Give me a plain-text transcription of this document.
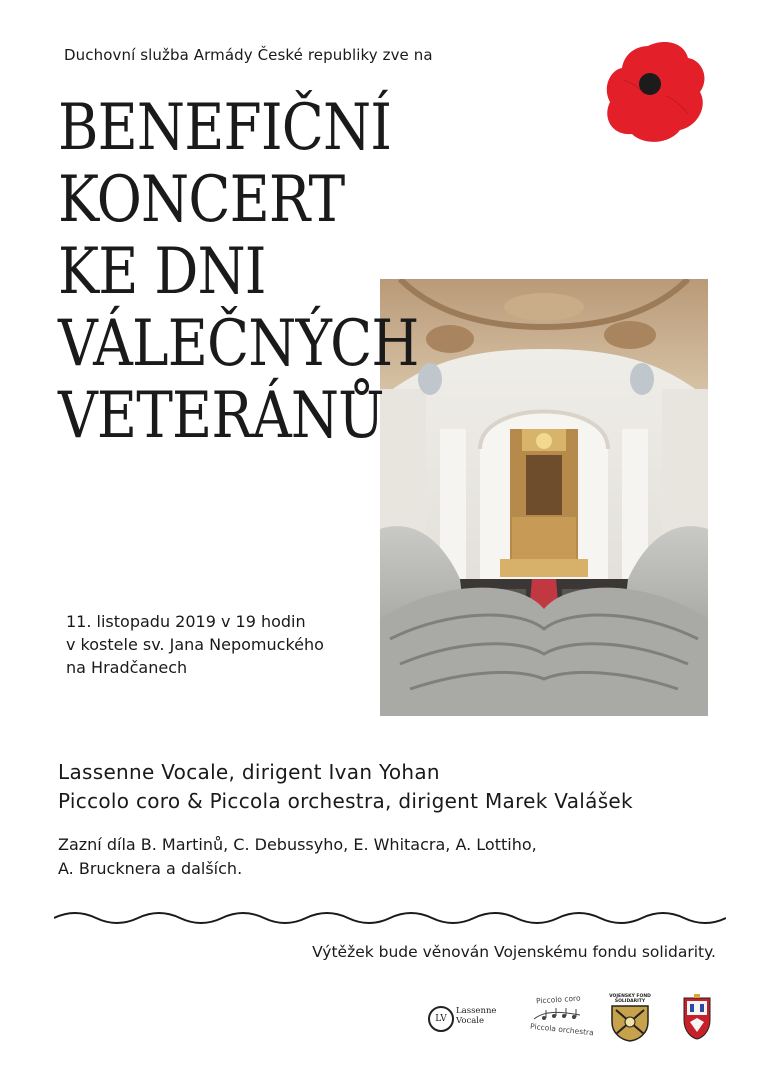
Duchovní služba Armády České republiky zve na
BENEFIČNÍ
KONCERT
KE DNI
VÁLEČNÝCH
VETERÁNŮ
11. listopadu 2019 v 19 hodin
v kostele sv. Jana Nepomuckého
na Hradčanech
Lassenne Vocale, dirigent Ivan Yohan
Piccolo coro & Piccola orchestra, dirigent Marek Valášek
Zazní díla B. Martinů, C. Debussyho, E. Whitacra, A. Lottiho,
A. Brucknera a dalších.
Výtěžek bude věnován Vojenskému fondu solidarity.
LV
Lassenne
Vocale
Piccolo coro
Piccola orchestra
VOJENSKÝ FOND
SOLIDARITY
